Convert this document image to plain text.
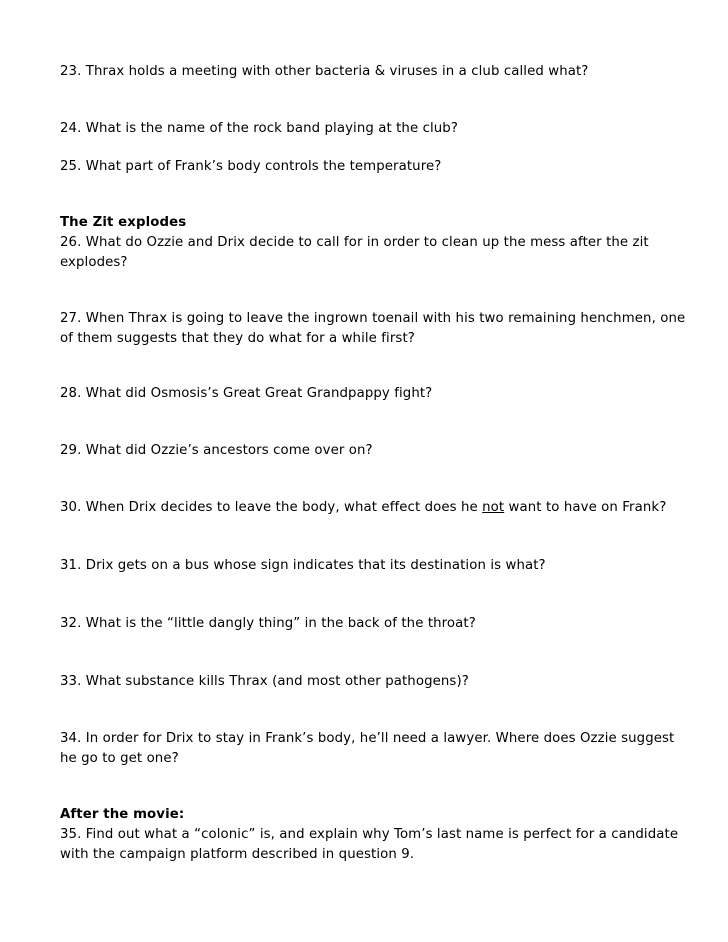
23. Thrax holds a meeting with other bacteria & viruses in a club called what?
24. What is the name of the rock band playing at the club?
25. What part of Frank’s body controls the temperature?
The Zit explodes
26. What do Ozzie and Drix decide to call for in order to clean up the mess after the zit explodes?
27. When Thrax is going to leave the ingrown toenail with his two remaining henchmen, one of them suggests that they do what for a while first?
28. What did Osmosis’s Great Great Grandpappy fight?
29. What did Ozzie’s ancestors come over on?
30. When Drix decides to leave the body, what effect does he not want to have on Frank?
31. Drix gets on a bus whose sign indicates that its destination is what?
32. What is the “little dangly thing” in the back of the throat?
33. What substance kills Thrax (and most other pathogens)?
34. In order for Drix to stay in Frank’s body, he’ll need a lawyer. Where does Ozzie suggest he go to get one?
After the movie:
35. Find out what a “colonic” is, and explain why Tom’s last name is perfect for a candidate with the campaign platform described in question 9.
